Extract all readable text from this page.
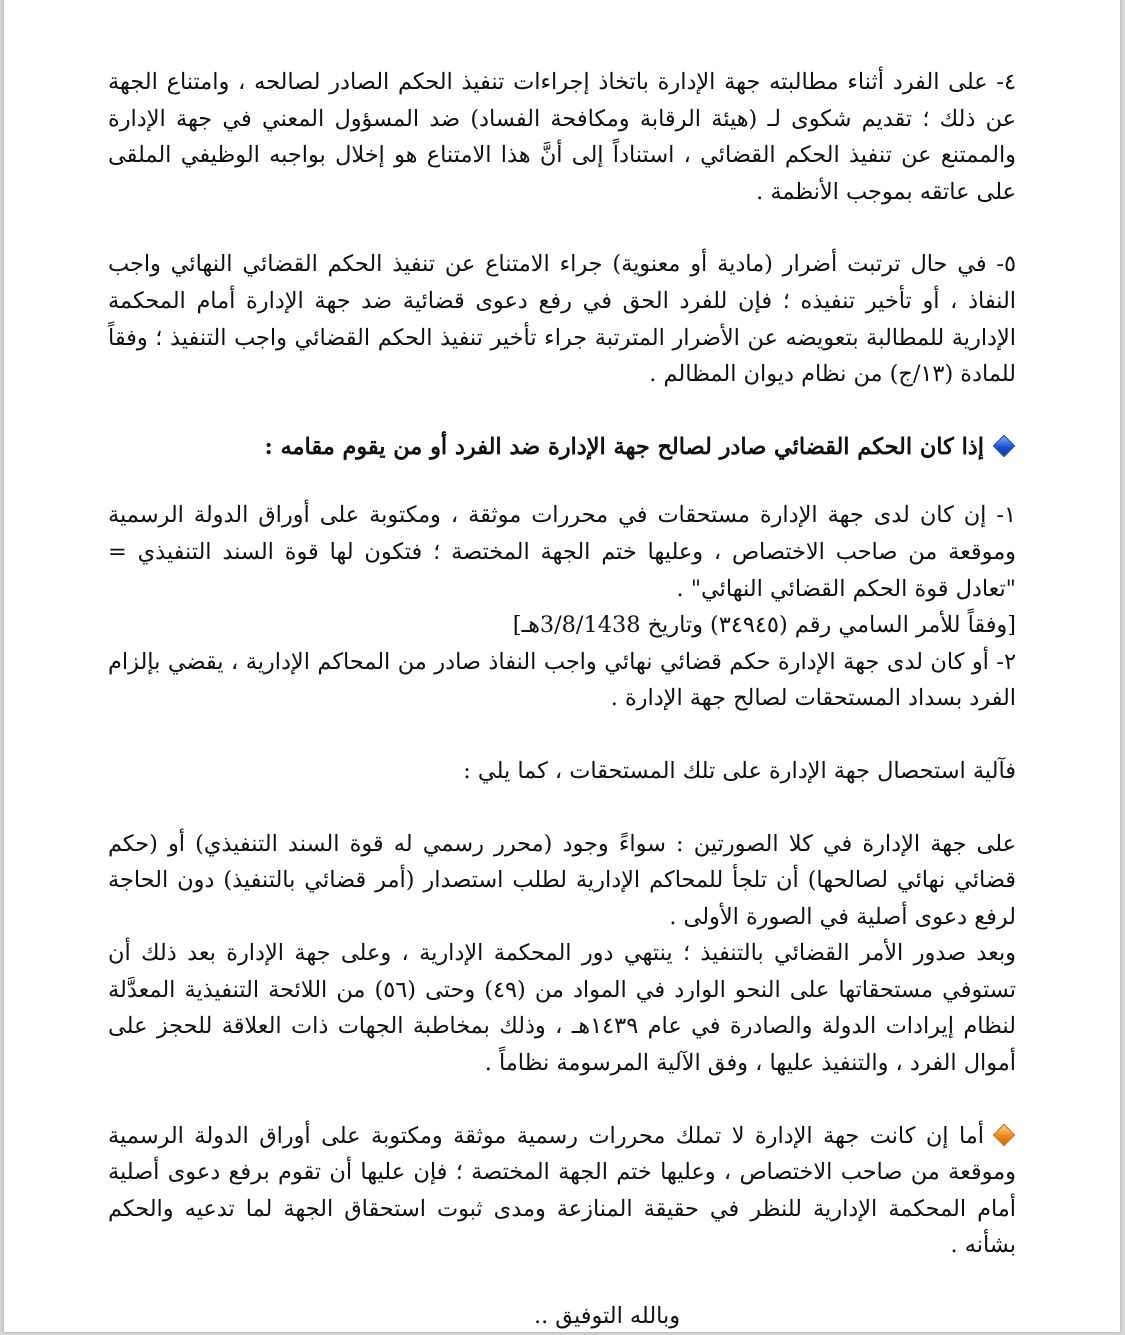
٤- على الفرد أثناء مطالبته جهة الإدارة باتخاذ إجراءات تنفيذ الحكم الصادر لصالحه ، وامتناع الجهة عن ذلك ؛ تقديم شكوى لـ (هيئة الرقابة ومكافحة الفساد) ضد المسؤول المعني في جهة الإدارة والممتنع عن تنفيذ الحكم القضائي ، استناداً إلى أنَّ هذا الامتناع هو إخلال بواجبه الوظيفي الملقى على عاتقه بموجب الأنظمة .

٥- في حال ترتبت أضرار (مادية أو معنوية) جراء الامتناع عن تنفيذ الحكم القضائي النهائي واجب النفاذ ، أو تأخير تنفيذه ؛ فإن للفرد الحق في رفع دعوى قضائية ضد جهة الإدارة أمام المحكمة الإدارية للمطالبة بتعويضه عن الأضرار المترتبة جراء تأخير تنفيذ الحكم القضائي واجب التنفيذ ؛ وفقاً للمادة (١٣/ج) من نظام ديوان المظالم .

إذا كان الحكم القضائي صادر لصالح جهة الإدارة ضد الفرد أو من يقوم مقامه :

١- إن كان لدى جهة الإدارة مستحقات في محررات موثقة ، ومكتوبة على أوراق الدولة الرسمية وموقعة من صاحب الاختصاص ، وعليها ختم الجهة المختصة ؛ فتكون لها قوة السند التنفيذي = "تعادل قوة الحكم القضائي النهائي" .

[وفقاً للأمر السامي رقم (٣٤٩٤٥) وتاريخ 3/8/1438هـ]

٢- أو كان لدى جهة الإدارة حكم قضائي نهائي واجب النفاذ صادر من المحاكم الإدارية ، يقضي بإلزام الفرد بسداد المستحقات لصالح جهة الإدارة .

فآلية استحصال جهة الإدارة على تلك المستحقات ، كما يلي :

على جهة الإدارة في كلا الصورتين : سواءً وجود (محرر رسمي له قوة السند التنفيذي) أو (حكم قضائي نهائي لصالحها) أن تلجأ للمحاكم الإدارية لطلب استصدار (أمر قضائي بالتنفيذ) دون الحاجة لرفع دعوى أصلية في الصورة الأولى .

وبعد صدور الأمر القضائي بالتنفيذ ؛ ينتهي دور المحكمة الإدارية ، وعلى جهة الإدارة بعد ذلك أن تستوفي مستحقاتها على النحو الوارد في المواد من (٤٩) وحتى (٥٦) من اللائحة التنفيذية المعدَّلة لنظام إيرادات الدولة والصادرة في عام ١٤٣٩هـ ، وذلك بمخاطبة الجهات ذات العلاقة للحجز على أموال الفرد ، والتنفيذ عليها ، وفق الآلية المرسومة نظاماً .

أما إن كانت جهة الإدارة لا تملك محررات رسمية موثقة ومكتوبة على أوراق الدولة الرسمية وموقعة من صاحب الاختصاص ، وعليها ختم الجهة المختصة ؛ فإن عليها أن تقوم برفع دعوى أصلية أمام المحكمة الإدارية للنظر في حقيقة المنازعة ومدى ثبوت استحقاق الجهة لما تدعيه والحكم بشأنه .

وبالله التوفيق ..
